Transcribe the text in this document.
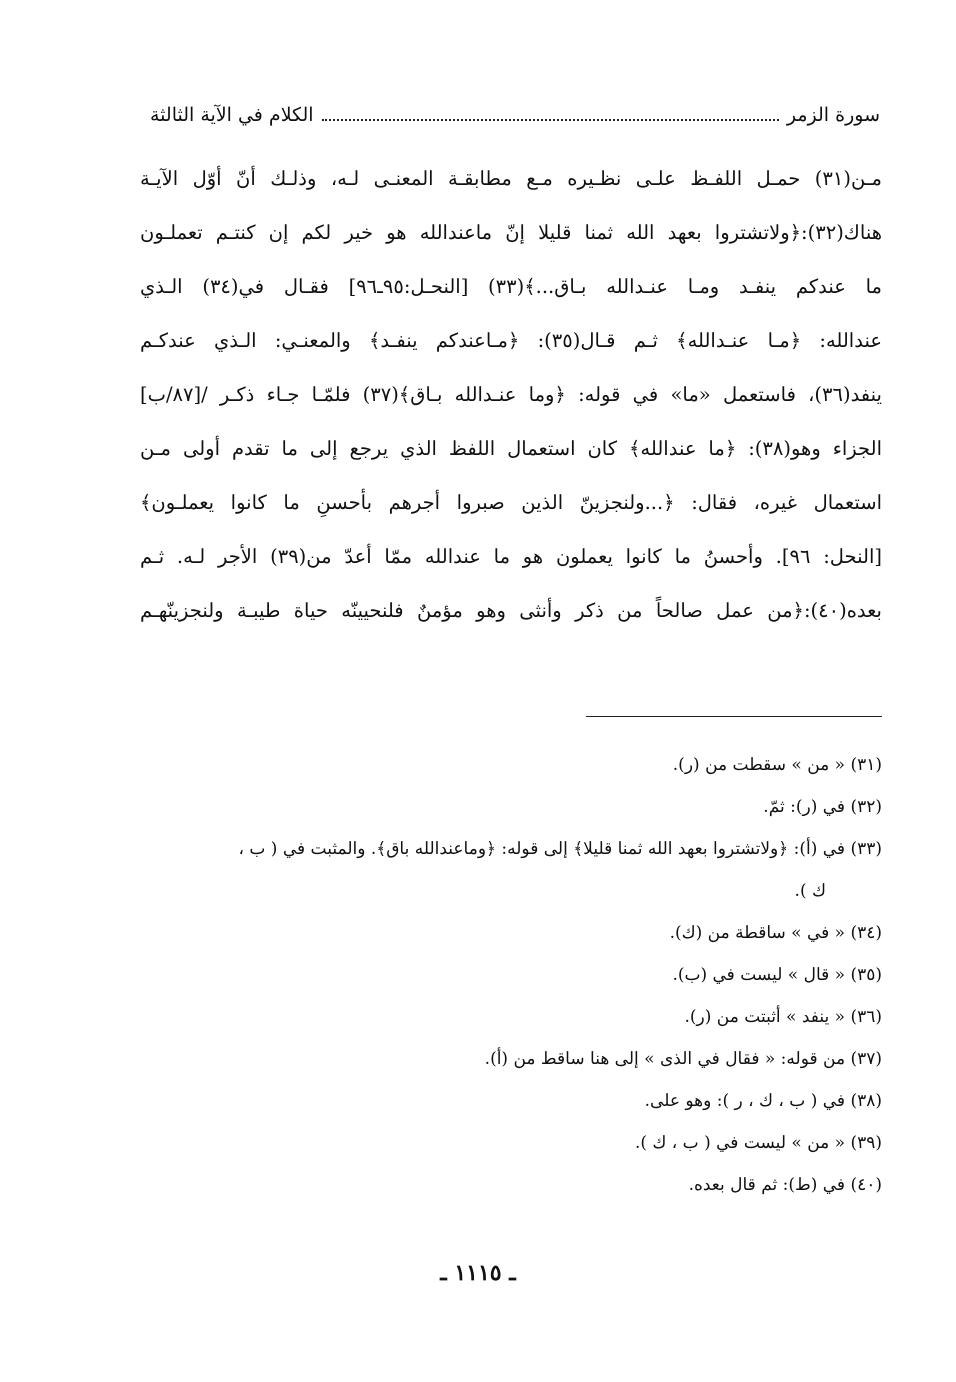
سورة الزمر
الكلام في الآية الثالثة
مـن(٣١) حمـل اللفـظ علـى نظـيره مـع مطابقـة المعنـى لـه، وذلـك أنّ أوّل الآيـة
هناك(٣٢):﴿ولاتشتروا بعهد الله ثمنا قليلا إنّ ماعندالله هو خير لكم إن كنتـم تعملـون
ما عندكم ينفـد ومـا عنـدالله بـاق...﴾(٣٣) [النحـل:٩٥ـ٩٦] فقـال في(٣٤) الـذي
عندالله: ﴿مـا عنـدالله﴾ ثـم قـال(٣٥): ﴿مـاعندكم ينفـد﴾ والمعنـي: الـذي عندكـم
ينفد(٣٦)، فاستعمل «ما» في قوله: ﴿وما عنـدالله بـاق﴾(٣٧) فلمّـا جـاء ذكـر /[٨٧/ب]
الجزاء وهو(٣٨): ﴿ما عندالله﴾ كان استعمال اللفظ الذي يرجع إلى ما تقدم أولى مـن
استعمال غيره، فقال: ﴿...ولنجزينّ الذين صبروا أجرهم بأحسنِ ما كانوا يعملـون﴾
[النحل: ٩٦]. وأحسنُ ما كانوا يعملون هو ما عندالله ممّا أعدّ من(٣٩) الأجر لـه. ثـم
بعده(٤٠):﴿من عمل صالحاً من ذكر وأنثى وهو مؤمنٌ فلنحيينّه حياة طيبـة ولنجزينّهـم
(٣١) « من » سقطت من (ر).
(٣٢) في (ر): ثمّ.
(٣٣) في (أ): ﴿ولاتشتروا بعهد الله ثمنا قليلا﴾ إلى قوله: ﴿وماعندالله باق﴾. والمثبت في ( ب ،
ك ).
(٣٤) « في » ساقطة من (ك).
(٣٥) « قال » ليست في (ب).
(٣٦) « ينفد » أثبتت من (ر).
(٣٧) من قوله: « فقال في الذى » إلى هنا ساقط من (أ).
(٣٨) في ( ب ، ك ، ر ): وهو على.
(٣٩) « من » ليست في ( ب ، ك ).
(٤٠) في (ط): ثم قال بعده.
ـ ١١١٥ ـ
